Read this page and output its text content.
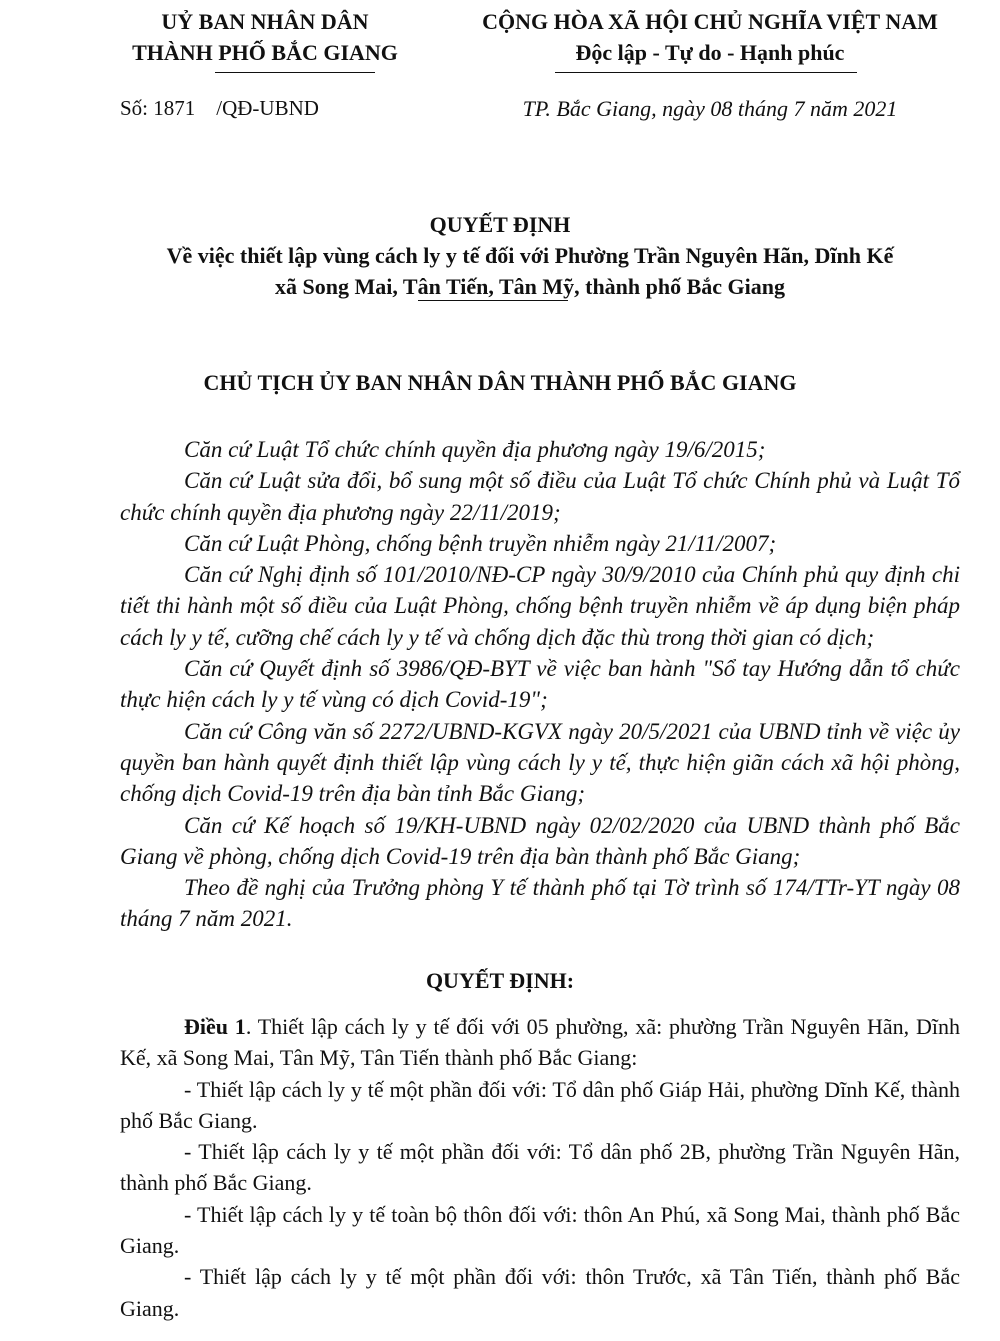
UỶ BAN NHÂN DÂN
THÀNH PHỐ BẮC GIANG
CỘNG HÒA XÃ HỘI CHỦ NGHĨA VIỆT NAM
Độc lập - Tự do - Hạnh phúc
Số: 1871    /QĐ-UBND	TP. Bắc Giang, ngày 08 tháng 7 năm 2021
QUYẾT ĐỊNH
Về việc thiết lập vùng cách ly y tế đối với Phường Trần Nguyên Hãn, Dĩnh Kế
xã Song Mai, Tân Tiến, Tân Mỹ, thành phố Bắc Giang
CHỦ TỊCH ỦY BAN NHÂN DÂN THÀNH PHỐ BẮC GIANG

Căn cứ Luật Tổ chức chính quyền địa phương ngày 19/6/2015;

Căn cứ Luật sửa đổi, bổ sung một số điều của Luật Tổ chức Chính phủ và Luật Tổ chức chính quyền địa phương ngày 22/11/2019;

Căn cứ Luật Phòng, chống bệnh truyền nhiễm ngày 21/11/2007;

Căn cứ Nghị định số 101/2010/NĐ-CP ngày 30/9/2010 của Chính phủ quy định chi tiết thi hành một số điều của Luật Phòng, chống bệnh truyền nhiễm về áp dụng biện pháp cách ly y tế, cưỡng chế cách ly y tế và chống dịch đặc thù trong thời gian có dịch;

Căn cứ Quyết định số 3986/QĐ-BYT về việc ban hành "Sổ tay Hướng dẫn tổ chức thực hiện cách ly y tế vùng có dịch Covid-19";

Căn cứ Công văn số 2272/UBND-KGVX ngày 20/5/2021 của UBND tỉnh về việc ủy quyền ban hành quyết định thiết lập vùng cách ly y tế, thực hiện giãn cách xã hội phòng, chống dịch Covid-19 trên địa bàn tỉnh Bắc Giang;

Căn cứ Kế hoạch số 19/KH-UBND ngày 02/02/2020 của UBND thành phố Bắc Giang về phòng, chống dịch Covid-19 trên địa bàn thành phố Bắc Giang;

Theo đề nghị của Trưởng phòng Y tế thành phố tại Tờ trình số 174/TTr-YT ngày 08 tháng 7 năm 2021.

QUYẾT ĐỊNH:

Điều 1. Thiết lập cách ly y tế đối với 05 phường, xã: phường Trần Nguyên Hãn, Dĩnh Kế, xã Song Mai, Tân Mỹ, Tân Tiến thành phố Bắc Giang:

- Thiết lập cách ly y tế một phần đối với: Tổ dân phố Giáp Hải, phường Dĩnh Kế, thành phố Bắc Giang.

- Thiết lập cách ly y tế một phần đối với: Tổ dân phố 2B, phường Trần Nguyên Hãn, thành phố Bắc Giang.

- Thiết lập cách ly y tế toàn bộ thôn đối với: thôn An Phú, xã Song Mai, thành phố Bắc Giang.

- Thiết lập cách ly y tế một phần đối với: thôn Trước, xã Tân Tiến, thành phố Bắc Giang.
